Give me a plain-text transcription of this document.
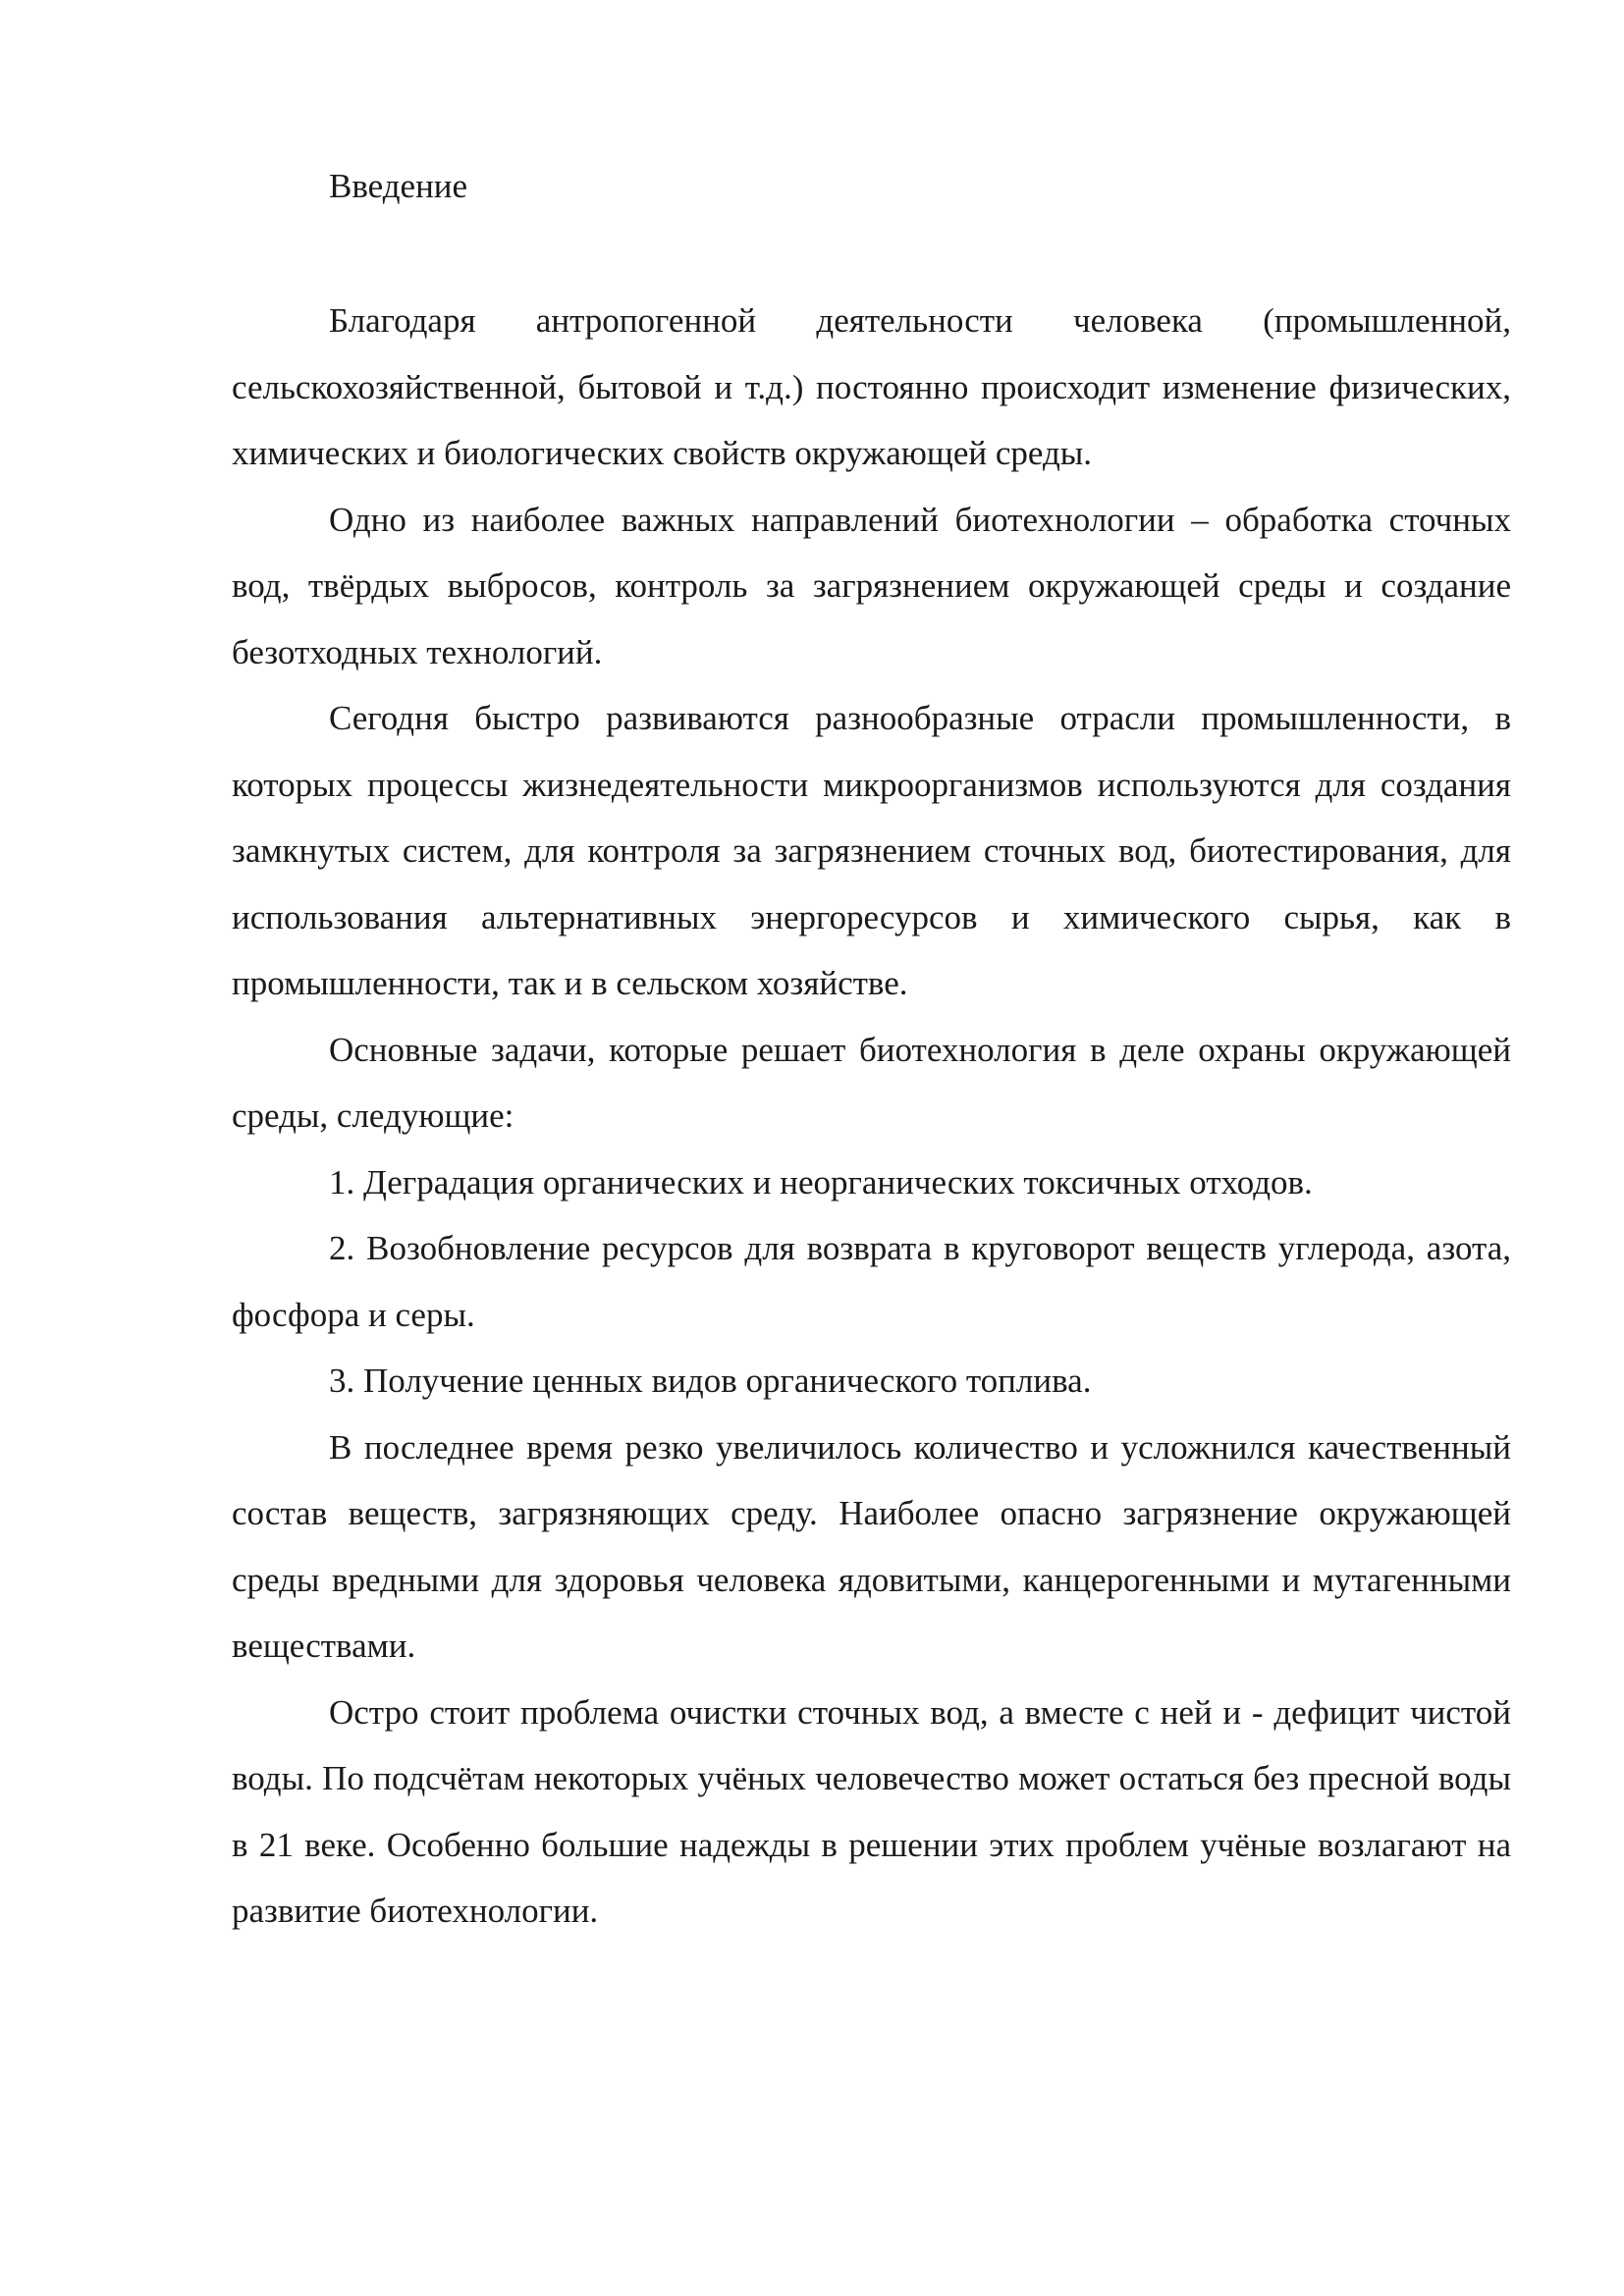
Введение

Благодаря антропогенной деятельности человека (промышленной, сельскохозяйственной, бытовой и т.д.) постоянно происходит изменение физических, химических и биологических свойств окружающей среды.

Одно из наиболее важных направлений биотехнологии – обработка сточных вод, твёрдых выбросов, контроль за загрязнением окружающей среды и создание безотходных технологий.

Сегодня быстро развиваются разнообразные отрасли промышленности, в которых процессы жизнедеятельности микроорганизмов используются для создания замкнутых систем, для контроля за загрязнением сточных вод, биотестирования, для использования альтернативных энергоресурсов и химического сырья, как в промышленности, так и в сельском хозяйстве.

Основные задачи, которые решает биотехнология в деле охраны окружающей среды, следующие:

1. Деградация органических и неорганических токсичных отходов.

2. Возобновление ресурсов для возврата в круговорот веществ углерода, азота, фосфора и серы.

3. Получение ценных видов органического топлива.

В последнее время резко увеличилось количество и усложнился качественный состав веществ, загрязняющих среду. Наиболее опасно загрязнение окружающей среды вредными для здоровья человека ядовитыми, канцерогенными и мутагенными веществами.

Остро стоит проблема очистки сточных вод, а вместе с ней и - дефицит чистой воды. По подсчётам некоторых учёных человечество может остаться без пресной воды в 21 веке. Особенно большие надежды в решении этих проблем учёные возлагают на развитие биотехнологии.
